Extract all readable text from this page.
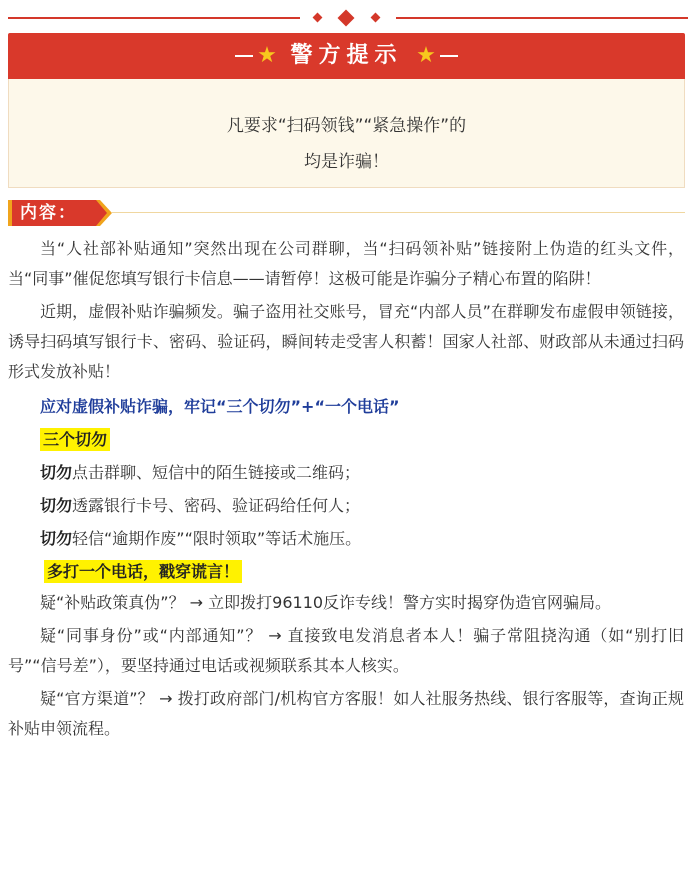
★ 警方提示 ★
凡要求“扫码领钱”“紧急操作”的
均是诈骗！
内容：

当“人社部补贴通知”突然出现在公司群聊，当“扫码领补贴”链接附上伪造的红头文件，当“同事”催促您填写银行卡信息——请暂停！这极可能是诈骗分子精心布置的陷阱！

近期，虚假补贴诈骗频发。骗子盗用社交账号，冒充“内部人员”在群聊发布虚假申领链接，诱导扫码填写银行卡、密码、验证码，瞬间转走受害人积蓄！国家人社部、财政部从未通过扫码形式发放补贴！

应对虚假补贴诈骗，牢记“三个切勿”+“一个电话”

三个切勿

切勿点击群聊、短信中的陌生链接或二维码；

切勿透露银行卡号、密码、验证码给任何人；

切勿轻信“逾期作废”“限时领取”等话术施压。

多打一个电话，戳穿谎言！

疑“补贴政策真伪”？ → 立即拨打96110反诈专线！警方实时揭穿伪造官网骗局。

疑“同事身份”或“内部通知”？ → 直接致电发消息者本人！骗子常阻挠沟通（如“别打旧号”“信号差”），要坚持通过电话或视频联系其本人核实。

疑“官方渠道”？ → 拨打政府部门/机构官方客服！如人社服务热线、银行客服等，查询正规补贴申领流程。
